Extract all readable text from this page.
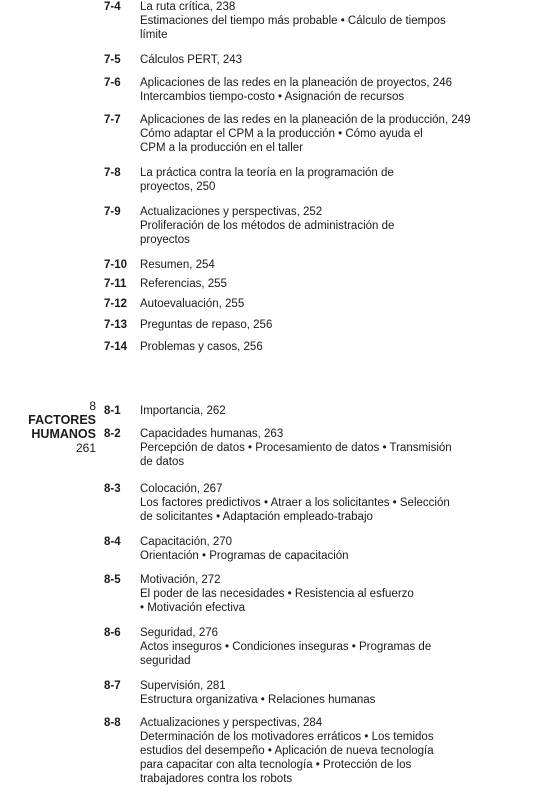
8
FACTORES
HUMANOS
261
7-4	La ruta crítica, 238
Estimaciones del tiempo más probable • Cálculo de tiempos
límite
7-5	Cálculos PERT, 243
7-6	Aplicaciones de las redes en la planeación de proyectos, 246
Intercambios tiempo-costo • Asignación de recursos
7-7	Aplicaciones de las redes en la planeación de la producción, 249
Cómo adaptar el CPM a la producción • Cómo ayuda el
CPM a la producción en el taller
7-8	La práctica contra la teoría en la programación de
proyectos, 250
7-9	Actualizaciones y perspectivas, 252
Proliferación de los métodos de administración de
proyectos
7-10	Resumen, 254
7-11	Referencias, 255
7-12	Autoevaluación, 255
7-13	Preguntas de repaso, 256
7-14	Problemas y casos, 256
8-1	Importancia, 262
8-2	Capacidades humanas, 263
Percepción de datos • Procesamiento de datos • Transmisión
de datos
8-3	Colocación, 267
Los factores predictivos • Atraer a los solicitantes • Selección
de solicitantes • Adaptación empleado-trabajo
8-4	Capacitación, 270
Orientación • Programas de capacitación
8-5	Motivación, 272
El poder de las necesidades • Resistencia al esfuerzo
• Motivación efectiva
8-6	Seguridad, 276
Actos inseguros • Condiciones inseguras • Programas de
seguridad
8-7	Supervisión, 281
Estructura organizativa • Relaciones humanas
8-8	Actualizaciones y perspectivas, 284
Determinación de los motivadores erráticos • Los temidos
estudios del desempeño • Aplicación de nueva tecnología
para capacitar con alta tecnología • Protección de los
trabajadores contra los robots
